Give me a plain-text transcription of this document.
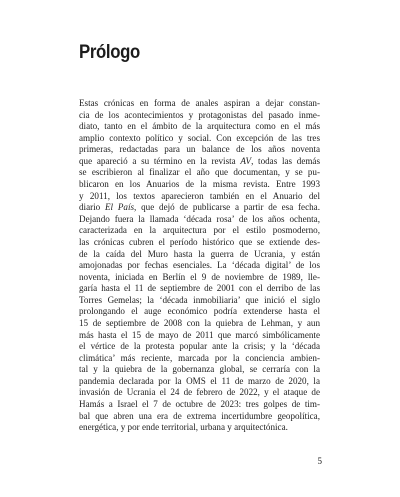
Prólogo
Estas crónicas en forma de anales aspiran a dejar constan-
cia de los acontecimientos y protagonistas del pasado inme-
diato, tanto en el ámbito de la arquitectura como en el más
amplio contexto político y social. Con excepción de las tres
primeras, redactadas para un balance de los años noventa
que apareció a su término en la revista AV, todas las demás
se escribieron al finalizar el año que documentan, y se pu-
blicaron en los Anuarios de la misma revista. Entre 1993
y 2011, los textos aparecieron también en el Anuario del
diario El País, que dejó de publicarse a partir de esa fecha.
Dejando fuera la llamada ‘década rosa’ de los años ochenta,
caracterizada en la arquitectura por el estilo posmoderno,
las crónicas cubren el período histórico que se extiende des-
de la caída del Muro hasta la guerra de Ucrania, y están
amojonadas por fechas esenciales. La ‘década digital’ de los
noventa, iniciada en Berlín el 9 de noviembre de 1989, lle-
garía hasta el 11 de septiembre de 2001 con el derribo de las
Torres Gemelas; la ‘década inmobiliaria’ que inició el siglo
prolongando el auge económico podría extenderse hasta el
15 de septiembre de 2008 con la quiebra de Lehman, y aun
más hasta el 15 de mayo de 2011 que marcó simbólicamente
el vértice de la protesta popular ante la crisis; y la ‘década
climática’ más reciente, marcada por la conciencia ambien-
tal y la quiebra de la gobernanza global, se cerraría con la
pandemia declarada por la OMS el 11 de marzo de 2020, la
invasión de Ucrania el 24 de febrero de 2022, y el ataque de
Hamás a Israel el 7 de octubre de 2023: tres golpes de tim-
bal que abren una era de extrema incertidumbre geopolítica,
energética, y por ende territorial, urbana y arquitectónica.
5
